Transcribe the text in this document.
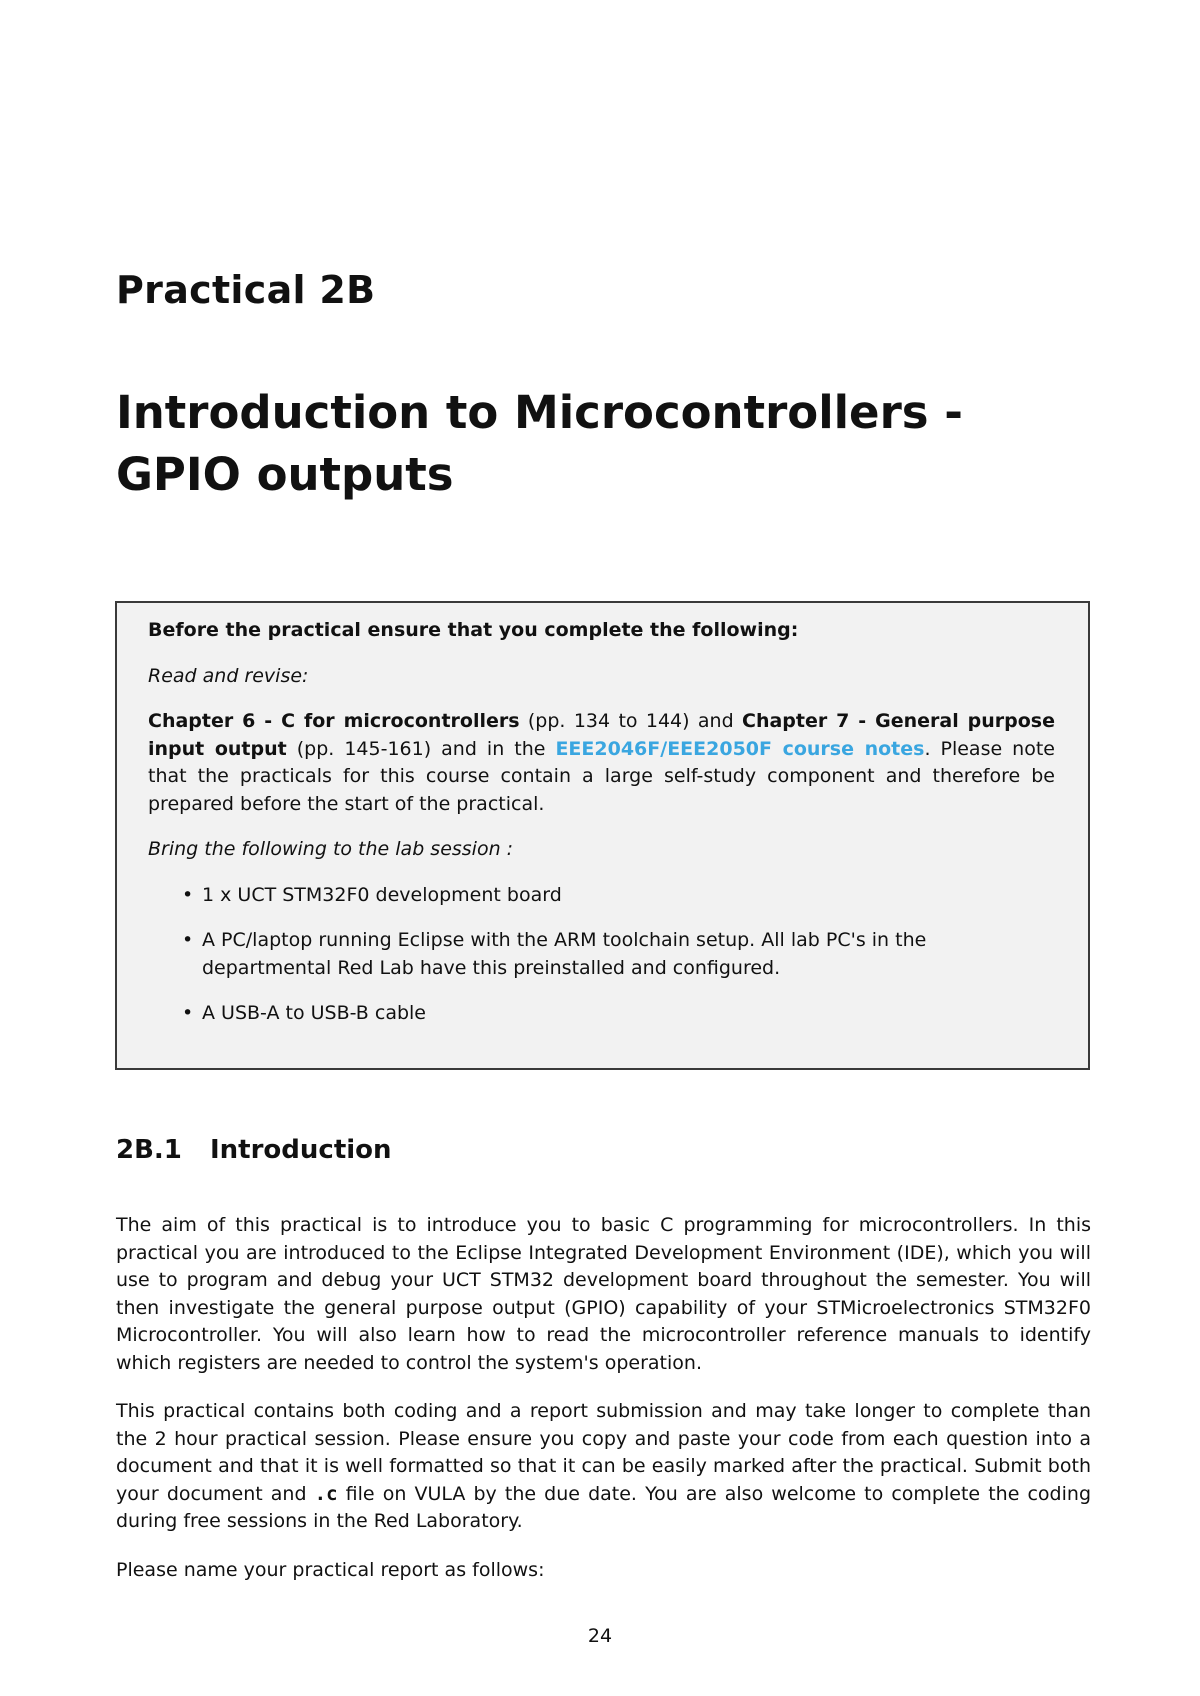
Practical 2B
Introduction to Microcontrollers - GPIO outputs

Before the practical ensure that you complete the following:

Read and revise:

Chapter 6 - C for microcontrollers (pp. 134 to 144) and Chapter 7 - General purpose input output (pp. 145-161) and in the EEE2046F/EEE2050F course notes. Please note that the practicals for this course contain a large self-study component and therefore be prepared before the start of the practical.

Bring the following to the lab session :

• 1 x UCT STM32F0 development board
• A PC/laptop running Eclipse with the ARM toolchain setup. All lab PC's in the departmental Red Lab have this preinstalled and configured.
• A USB-A to USB-B cable
2B.1 Introduction

The aim of this practical is to introduce you to basic C programming for microcontrollers. In this practical you are introduced to the Eclipse Integrated Development Environment (IDE), which you will use to program and debug your UCT STM32 development board throughout the semester. You will then investigate the general purpose output (GPIO) capability of your STMicroelectronics STM32F0 Microcontroller. You will also learn how to read the microcontroller reference manuals to identify which registers are needed to control the system's operation.

This practical contains both coding and a report submission and may take longer to complete than the 2 hour practical session. Please ensure you copy and paste your code from each question into a document and that it is well formatted so that it can be easily marked after the practical. Submit both your document and .c file on VULA by the due date. You are also welcome to complete the coding during free sessions in the Red Laboratory.

Please name your practical report as follows:

24
